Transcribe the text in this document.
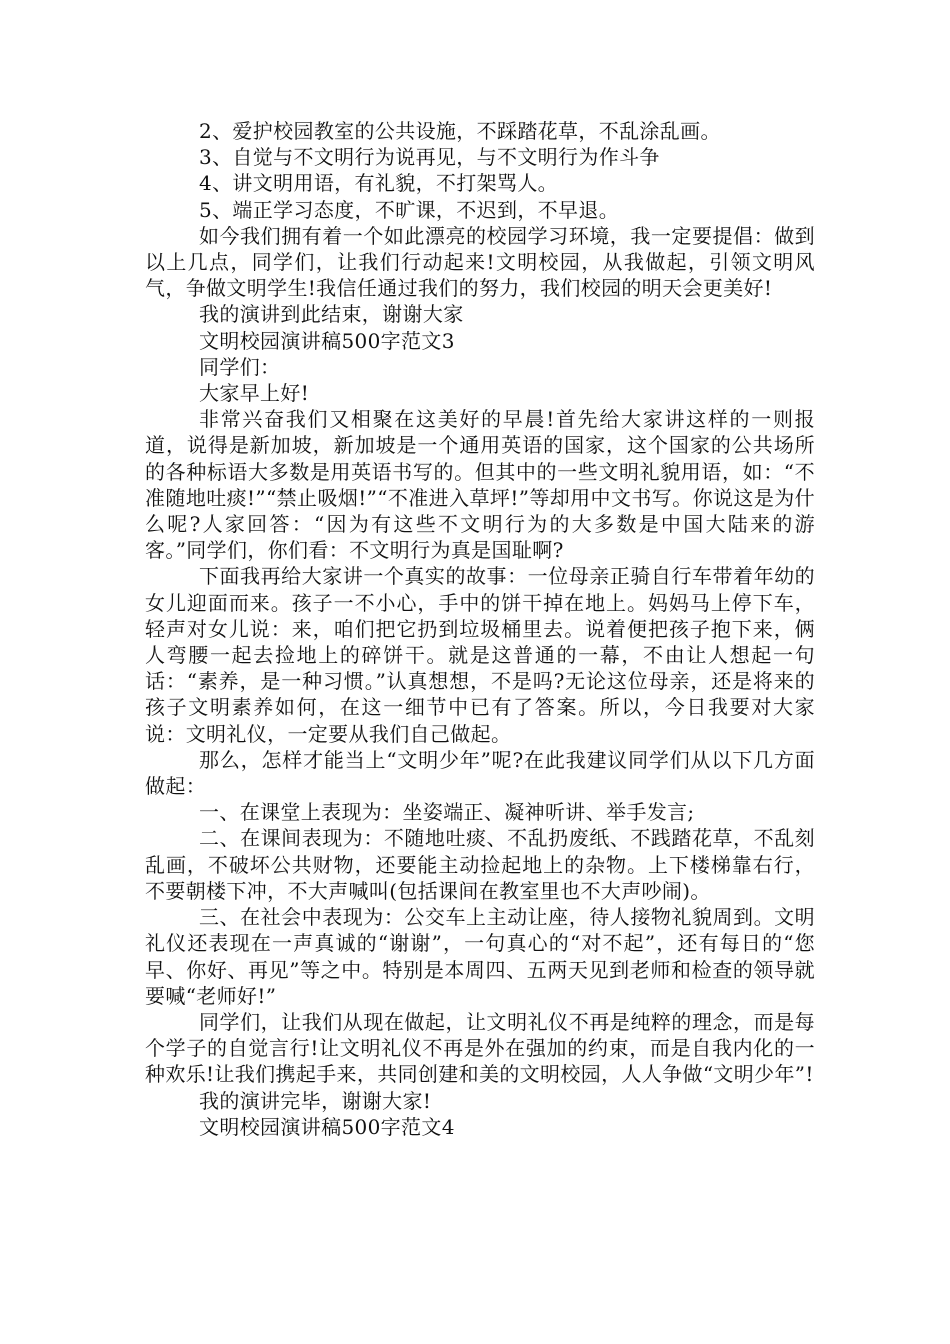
2、爱护校园教室的公共设施，不踩踏花草，不乱涂乱画。

3、自觉与不文明行为说再见，与不文明行为作斗争

4、讲文明用语，有礼貌，不打架骂人。

5、端正学习态度，不旷课，不迟到，不早退。

如今我们拥有着一个如此漂亮的校园学习环境，我一定要提倡：做到以上几点，同学们，让我们行动起来!文明校园，从我做起，引领文明风气，争做文明学生!我信任通过我们的努力，我们校园的明天会更美好!

我的演讲到此结束，谢谢大家

文明校园演讲稿500字范文3

同学们：

大家早上好!

非常兴奋我们又相聚在这美好的早晨!首先给大家讲这样的一则报道，说得是新加坡，新加坡是一个通用英语的国家，这个国家的公共场所的各种标语大多数是用英语书写的。但其中的一些文明礼貌用语，如：“不准随地吐痰!”“禁止吸烟!”“不准进入草坪!”等却用中文书写。你说这是为什么呢?人家回答：“因为有这些不文明行为的大多数是中国大陆来的游客。”同学们，你们看：不文明行为真是国耻啊?

下面我再给大家讲一个真实的故事：一位母亲正骑自行车带着年幼的女儿迎面而来。孩子一不小心，手中的饼干掉在地上。妈妈马上停下车，轻声对女儿说：来，咱们把它扔到垃圾桶里去。说着便把孩子抱下来，俩人弯腰一起去捡地上的碎饼干。就是这普通的一幕，不由让人想起一句话：“素养，是一种习惯。”认真想想，不是吗?无论这位母亲，还是将来的孩子文明素养如何，在这一细节中已有了答案。所以，今日我要对大家说：文明礼仪，一定要从我们自己做起。

那么，怎样才能当上“文明少年”呢?在此我建议同学们从以下几方面做起：

一、在课堂上表现为：坐姿端正、凝神听讲、举手发言;

二、在课间表现为：不随地吐痰、不乱扔废纸、不践踏花草，不乱刻乱画，不破坏公共财物，还要能主动捡起地上的杂物。上下楼梯靠右行，不要朝楼下冲，不大声喊叫(包括课间在教室里也不大声吵闹)。

三、在社会中表现为：公交车上主动让座，待人接物礼貌周到。文明礼仪还表现在一声真诚的“谢谢”，一句真心的“对不起”，还有每日的“您早、你好、再见”等之中。特别是本周四、五两天见到老师和检查的领导就要喊“老师好!”

同学们，让我们从现在做起，让文明礼仪不再是纯粹的理念，而是每个学子的自觉言行!让文明礼仪不再是外在强加的约束，而是自我内化的一种欢乐!让我们携起手来，共同创建和美的文明校园，人人争做“文明少年”!

我的演讲完毕，谢谢大家!

文明校园演讲稿500字范文4
